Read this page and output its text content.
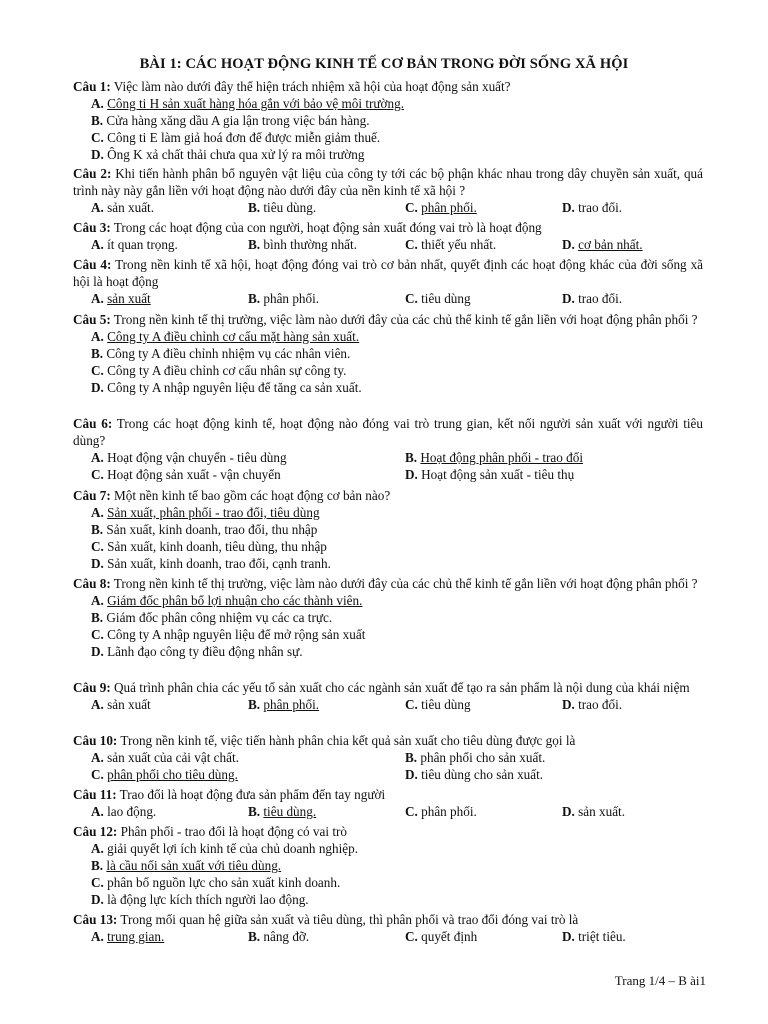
BÀI 1: CÁC HOẠT ĐỘNG KINH TẾ CƠ BẢN TRONG ĐỜI SỐNG XÃ HỘI
Câu 1: Việc làm nào dưới đây thể hiện trách nhiệm xã hội của hoạt động sản xuất?
A. Công ti H sản xuất hàng hóa gắn với bảo vệ môi trường.
B. Cửa hàng xăng dầu A gia lận trong việc bán hàng.
C. Công ti E làm giả hoá đơn để được miễn giảm thuế.
D. Ông K xả chất thải chưa qua xử lý ra môi trường
Câu 2: Khi tiến hành phân bổ nguyên vật liệu của công ty tới các bộ phận khác nhau trong dây chuyền sản xuất, quá trình này này gắn liền với hoạt động nào dưới đây của nền kinh tế xã hội ?
A. sản xuất.	B. tiêu dùng.	C. phân phối.	D. trao đổi.
Câu 3: Trong các hoạt động của con người, hoạt động sản xuất đóng vai trò là hoạt động
A. ít quan trọng.	B. bình thường nhất.	C. thiết yếu nhất.	D. cơ bản nhất.
Câu 4: Trong nền kinh tế xã hội, hoạt động đóng vai trò cơ bản nhất, quyết định các hoạt động khác của đời sống xã hội là hoạt động
A. sản xuất	B. phân phối.	C. tiêu dùng	D. trao đổi.
Câu 5: Trong nền kinh tế thị trường, việc làm nào dưới đây của các chủ thể kinh tế gắn liền với hoạt động phân phối ?
A. Công ty A điều chỉnh cơ cấu mặt hàng sản xuất.
B. Công ty A điều chỉnh nhiệm vụ các nhân viên.
C. Công ty A điều chỉnh cơ cấu nhân sự công ty.
D. Công ty A nhập nguyên liệu để tăng ca sản xuất.
Câu 6: Trong các hoạt động kinh tế, hoạt động nào đóng vai trò trung gian, kết nối người sản xuất với người tiêu dùng?
A. Hoạt động vận chuyển - tiêu dùng	B. Hoạt động phân phối - trao đổi
C. Hoạt động sản xuất - vận chuyển	D. Hoạt động sản xuất - tiêu thụ
Câu 7: Một nền kinh tế bao gồm các hoạt động cơ bản nào?
A. Sản xuất, phân phối - trao đổi, tiêu dùng
B. Sản xuất, kinh doanh, trao đổi, thu nhập
C. Sản xuất, kinh doanh, tiêu dùng, thu nhập
D. Sản xuất, kinh doanh, trao đổi, cạnh tranh.
Câu 8: Trong nền kinh tế thị trường, việc làm nào dưới đây của các chủ thể kinh tế gắn liền với hoạt động phân phối ?
A. Giám đốc phân bổ lợi nhuận cho các thành viên.
B. Giám đốc phân công nhiệm vụ các ca trực.
C. Công ty A nhập nguyên liệu để mở rộng sản xuất
D. Lãnh đạo công ty điều động nhân sự.
Câu 9: Quá trình phân chia các yếu tố sản xuất cho các ngành sản xuất để tạo ra sản phẩm là nội dung của khái niệm
A. sản xuất	B. phân phối.	C. tiêu dùng	D. trao đổi.
Câu 10: Trong nền kinh tế, việc tiến hành phân chia kết quả sản xuất cho tiêu dùng được gọi là
A. sản xuất của cải vật chất.	B. phân phối cho sản xuất.
C. phân phối cho tiêu dùng.	D. tiêu dùng cho sản xuất.
Câu 11: Trao đổi là hoạt động đưa sản phẩm đến tay người
A. lao động.	B. tiêu dùng.	C. phân phối.	D. sản xuất.
Câu 12: Phân phối - trao đổi là hoạt động có vai trò
A. giải quyết lợi ích kinh tế của chủ doanh nghiệp.
B. là cầu nối sản xuất với tiêu dùng.
C. phân bổ nguồn lực cho sản xuất kinh doanh.
D. là động lực kích thích người lao động.
Câu 13: Trong mối quan hệ giữa sản xuất và tiêu dùng, thì phân phối và trao đổi đóng vai trò là
A. trung gian.	B. nâng đỡ.	C. quyết định	D. triệt tiêu.
Trang 1/4 – B ài1
